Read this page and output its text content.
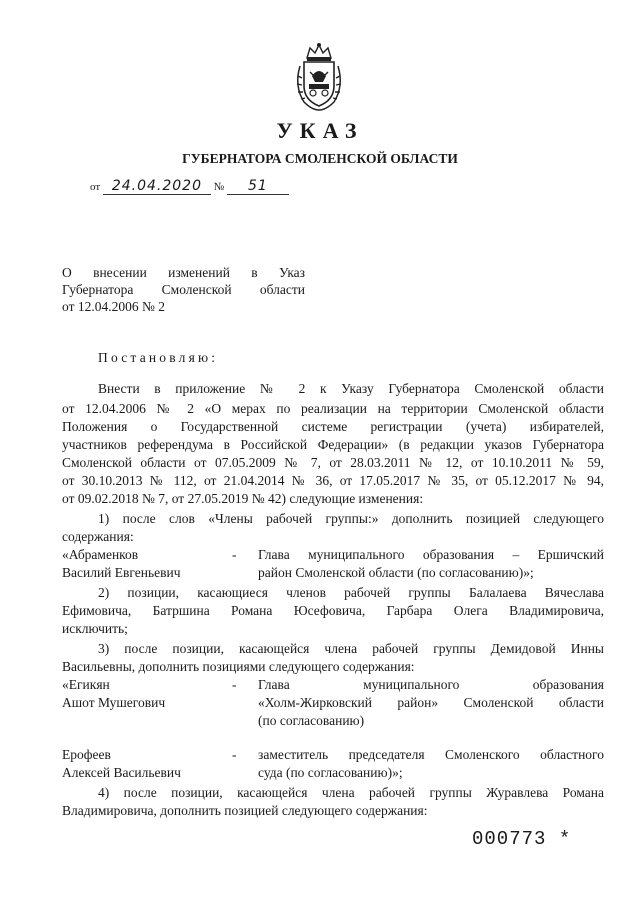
УКАЗ
ГУБЕРНАТОРА СМОЛЕНСКОЙ ОБЛАСТИ
от 24.04.2020 № 51
О внесении изменений в Указ
Губернатора Смоленской области
от 12.04.2006 № 2
Постановляю:
Внести в приложение № 2 к Указу Губернатора Смоленской области
от 12.04.2006 № 2 «О мерах по реализации на территории Смоленской области
Положения о Государственной системе регистрации (учета) избирателей,
участников референдума в Российской Федерации» (в редакции указов Губернатора
Смоленской области от 07.05.2009 № 7, от 28.03.2011 № 12, от 10.10.2011 № 59,
от 30.10.2013 № 112, от 21.04.2014 № 36, от 17.05.2017 № 35, от 05.12.2017 № 94,
от 09.02.2018 № 7, от 27.05.2019 № 42) следующие изменения:
1) после слов «Члены рабочей группы:» дополнить позицией следующего
содержания:
«Абраменков
Василий Евгеньевич
- Глава муниципального образования – Ершичский
район Смоленской области (по согласованию)»;
2) позиции, касающиеся членов рабочей группы Балалаева Вячеслава
Ефимовича, Батршина Романа Юсефовича, Гарбара Олега Владимировича,
исключить;
3) после позиции, касающейся члена рабочей группы Демидовой Инны
Васильевны, дополнить позициями следующего содержания:
«Егикян
Ашот Мушегович
- Глава муниципального образования
«Холм-Жирковский район» Смоленской области
(по согласованию)
Ерофеев
Алексей Васильевич
- заместитель председателя Смоленского областного
суда (по согласованию)»;
4) после позиции, касающейся члена рабочей группы Журавлева Романа
Владимировича, дополнить позицией следующего содержания:
000773 *
